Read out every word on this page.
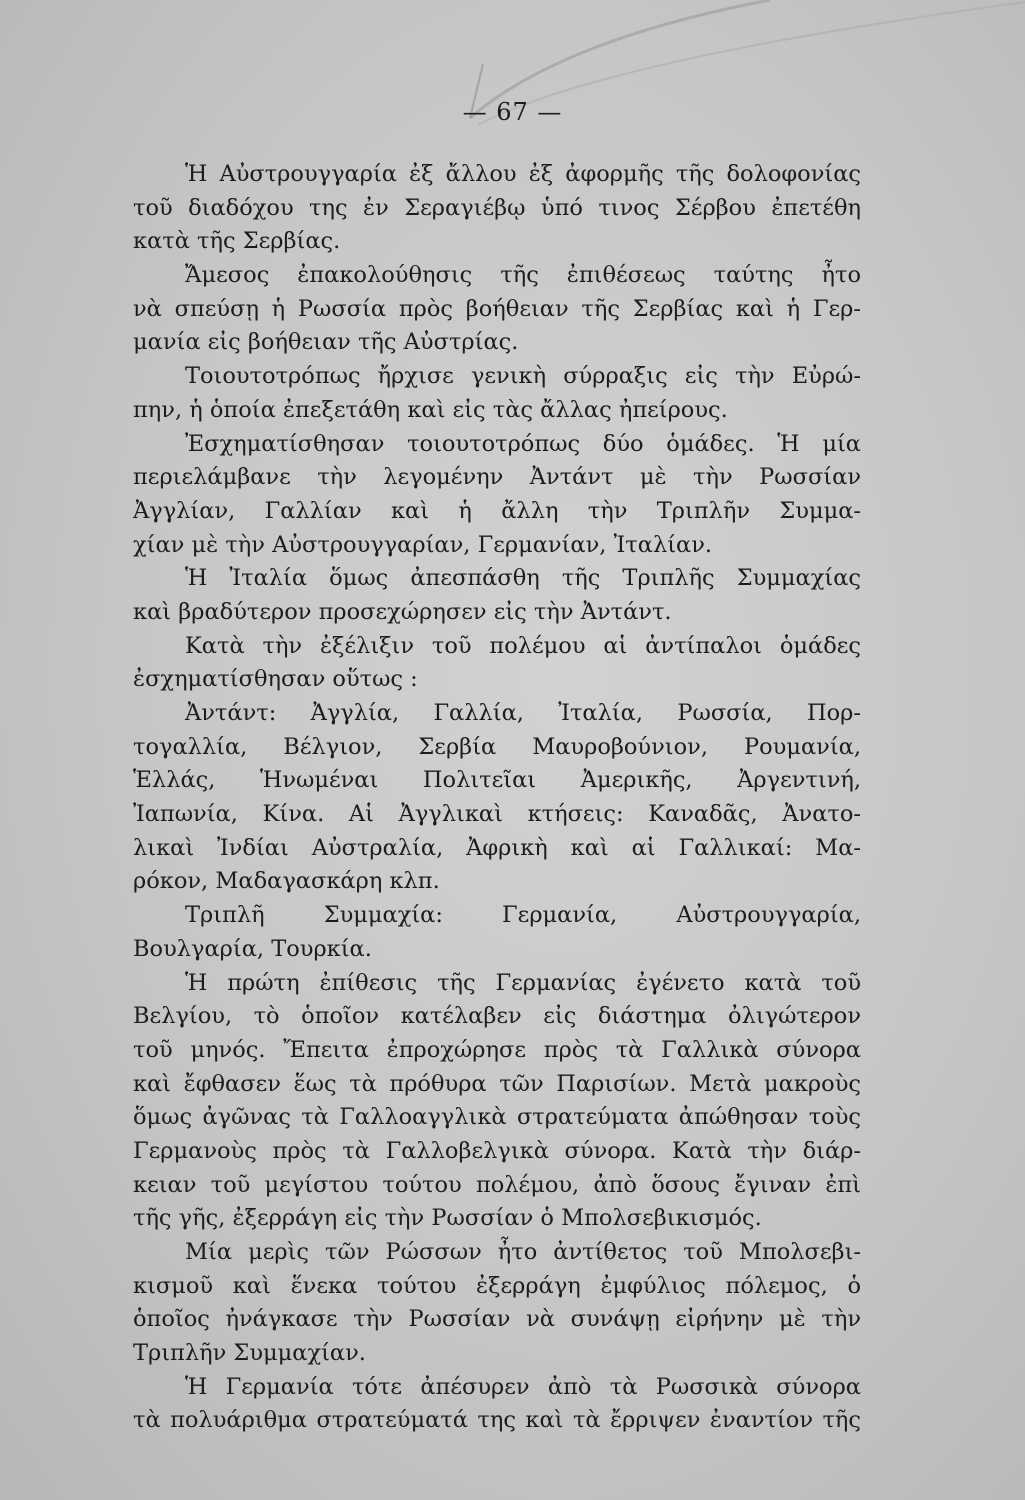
— 67 —
Ἡ Αὐστρουγγαρία ἐξ ἄλλου ἐξ ἀφορμῆς τῆς δολοφονίας
τοῦ διαδόχου της ἐν Σεραγιέβῳ ὑπό τινος Σέρβου ἐπετέθη
κατὰ τῆς Σερβίας.
Ἄμεσος ἐπακολούθησις τῆς ἐπιθέσεως ταύτης ἦτο
νὰ σπεύσῃ ἡ Ρωσσία πρὸς βοήθειαν τῆς Σερβίας καὶ ἡ Γερ-
μανία εἰς βοήθειαν τῆς Αὐστρίας.
Τοιουτοτρόπως ἤρχισε γενικὴ σύρραξις εἰς τὴν Εὐρώ-
πην, ἡ ὁποία ἐπεξετάθη καὶ εἰς τὰς ἄλλας ἠπείρους.
Ἐσχηματίσθησαν τοιουτοτρόπως δύο ὁμάδες. Ἡ μία
περιελάμβανε τὴν λεγομένην Ἀντάντ μὲ τὴν Ρωσσίαν
Ἀγγλίαν, Γαλλίαν καὶ ἡ ἄλλη τὴν Τριπλῆν Συμμα-
χίαν μὲ τὴν Αὐστρουγγαρίαν, Γερμανίαν, Ἰταλίαν.
Ἡ Ἰταλία ὅμως ἀπεσπάσθη τῆς Τριπλῆς Συμμαχίας
καὶ βραδύτερον προσεχώρησεν εἰς τὴν Ἀντάντ.
Κατὰ τὴν ἐξέλιξιν τοῦ πολέμου αἱ ἀντίπαλοι ὁμάδες
ἐσχηματίσθησαν οὕτως :
Ἀντάντ: Ἀγγλία, Γαλλία, Ἰταλία, Ρωσσία, Πορ-
τογαλλία, Βέλγιον, Σερβία Μαυροβούνιον, Ρουμανία,
Ἑλλάς, Ἡνωμέναι Πολιτεῖαι Ἀμερικῆς, Ἀργεντινή,
Ἰαπωνία, Κίνα. Αἱ Ἀγγλικαὶ κτήσεις: Καναδᾶς, Ἀνατο-
λικαὶ Ἰνδίαι Αὐστραλία, Ἀφρικὴ καὶ αἱ Γαλλικαί: Μα-
ρόκον, Μαδαγασκάρη κλπ.
Τριπλῆ Συμμαχία: Γερμανία, Αὐστρουγγαρία,
Βουλγαρία, Τουρκία.
Ἡ πρώτη ἐπίθεσις τῆς Γερμανίας ἐγένετο κατὰ τοῦ
Βελγίου, τὸ ὁποῖον κατέλαβεν εἰς διάστημα ὀλιγώτερον
τοῦ μηνός. Ἔπειτα ἐπροχώρησε πρὸς τὰ Γαλλικὰ σύνορα
καὶ ἔφθασεν ἕως τὰ πρόθυρα τῶν Παρισίων. Μετὰ μακροὺς
ὅμως ἀγῶνας τὰ Γαλλοαγγλικὰ στρατεύματα ἀπώθησαν τοὺς
Γερμανοὺς πρὸς τὰ Γαλλοβελγικὰ σύνορα. Κατὰ τὴν διάρ-
κειαν τοῦ μεγίστου τούτου πολέμου, ἀπὸ ὅσους ἔγιναν ἐπὶ
τῆς γῆς, ἐξερράγη εἰς τὴν Ρωσσίαν ὁ Μπολσεβικισμός.
Μία μερὶς τῶν Ρώσσων ἦτο ἀντίθετος τοῦ Μπολσεβι-
κισμοῦ καὶ ἕνεκα τούτου ἐξερράγη ἐμφύλιος πόλεμος, ὁ
ὁποῖος ἠνάγκασε τὴν Ρωσσίαν νὰ συνάψῃ εἰρήνην μὲ τὴν
Τριπλῆν Συμμαχίαν.
Ἡ Γερμανία τότε ἀπέσυρεν ἀπὸ τὰ Ρωσσικὰ σύνορα
τὰ πολυάριθμα στρατεύματά της καὶ τὰ ἔρριψεν ἐναντίον τῆς
